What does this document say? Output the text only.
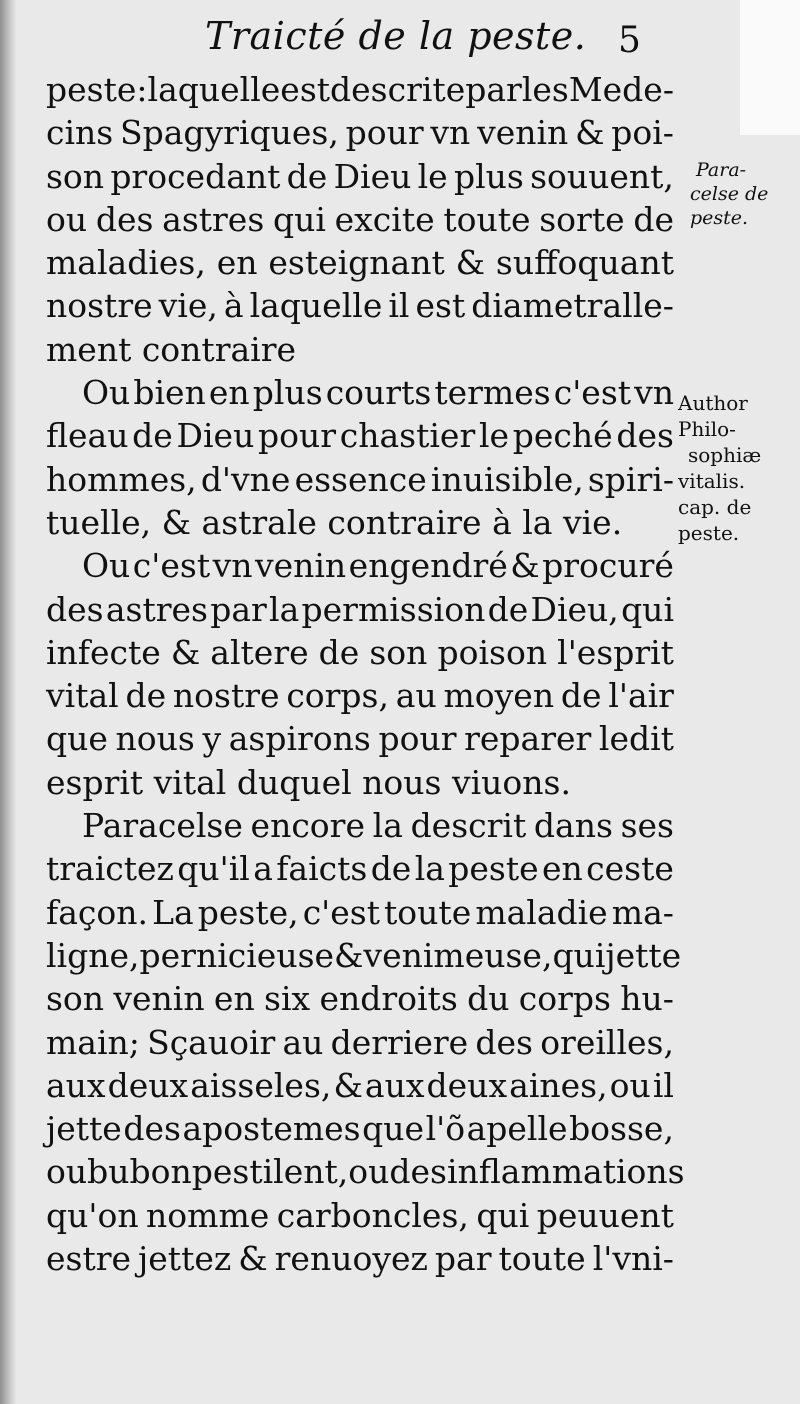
Traicté de la peste. 5
peste : laquelle est descrite par les Mede-
cins Spagyriques, pour vn venin & poi-
son procedant de Dieu le plus souuent,
ou des astres qui excite toute sorte de
maladies, en esteignant & suffoquant
nostre vie, à laquelle il est diametralle-
ment contraire
Ou bien en plus courts termes c'est vn
fleau de Dieu pour chastier le peché des
hommes, d'vne essence inuisible, spiri-
tuelle, & astrale contraire à la vie.
Ou c'est vn venin engendré & procuré
des astres par la permission de Dieu, qui
infecte & altere de son poison l'esprit
vital de nostre corps, au moyen de l'air
que nous y aspirons pour reparer ledit
esprit vital duquel nous viuons.
Paracelse encore la descrit dans ses
traictez qu'il a faicts de la peste en ceste
façon. La peste, c'est toute maladie ma-
ligne, pernicieuse & venimeuse, qui jette
son venin en six endroits du corps hu-
main; Sçauoir au derriere des oreilles,
aux deux aisseles, & aux deux aines, ou il
jette des apostemes que l'õ apelle bosse,
ou bubon pestilent, ou desinflammations
qu'on nomme carboncles, qui peuuent
estre jettez & renuoyez par toute l'vni-
Para-
celse de
peste.
Author
Philo-
sophiæ
vitalis.
cap. de
peste.
